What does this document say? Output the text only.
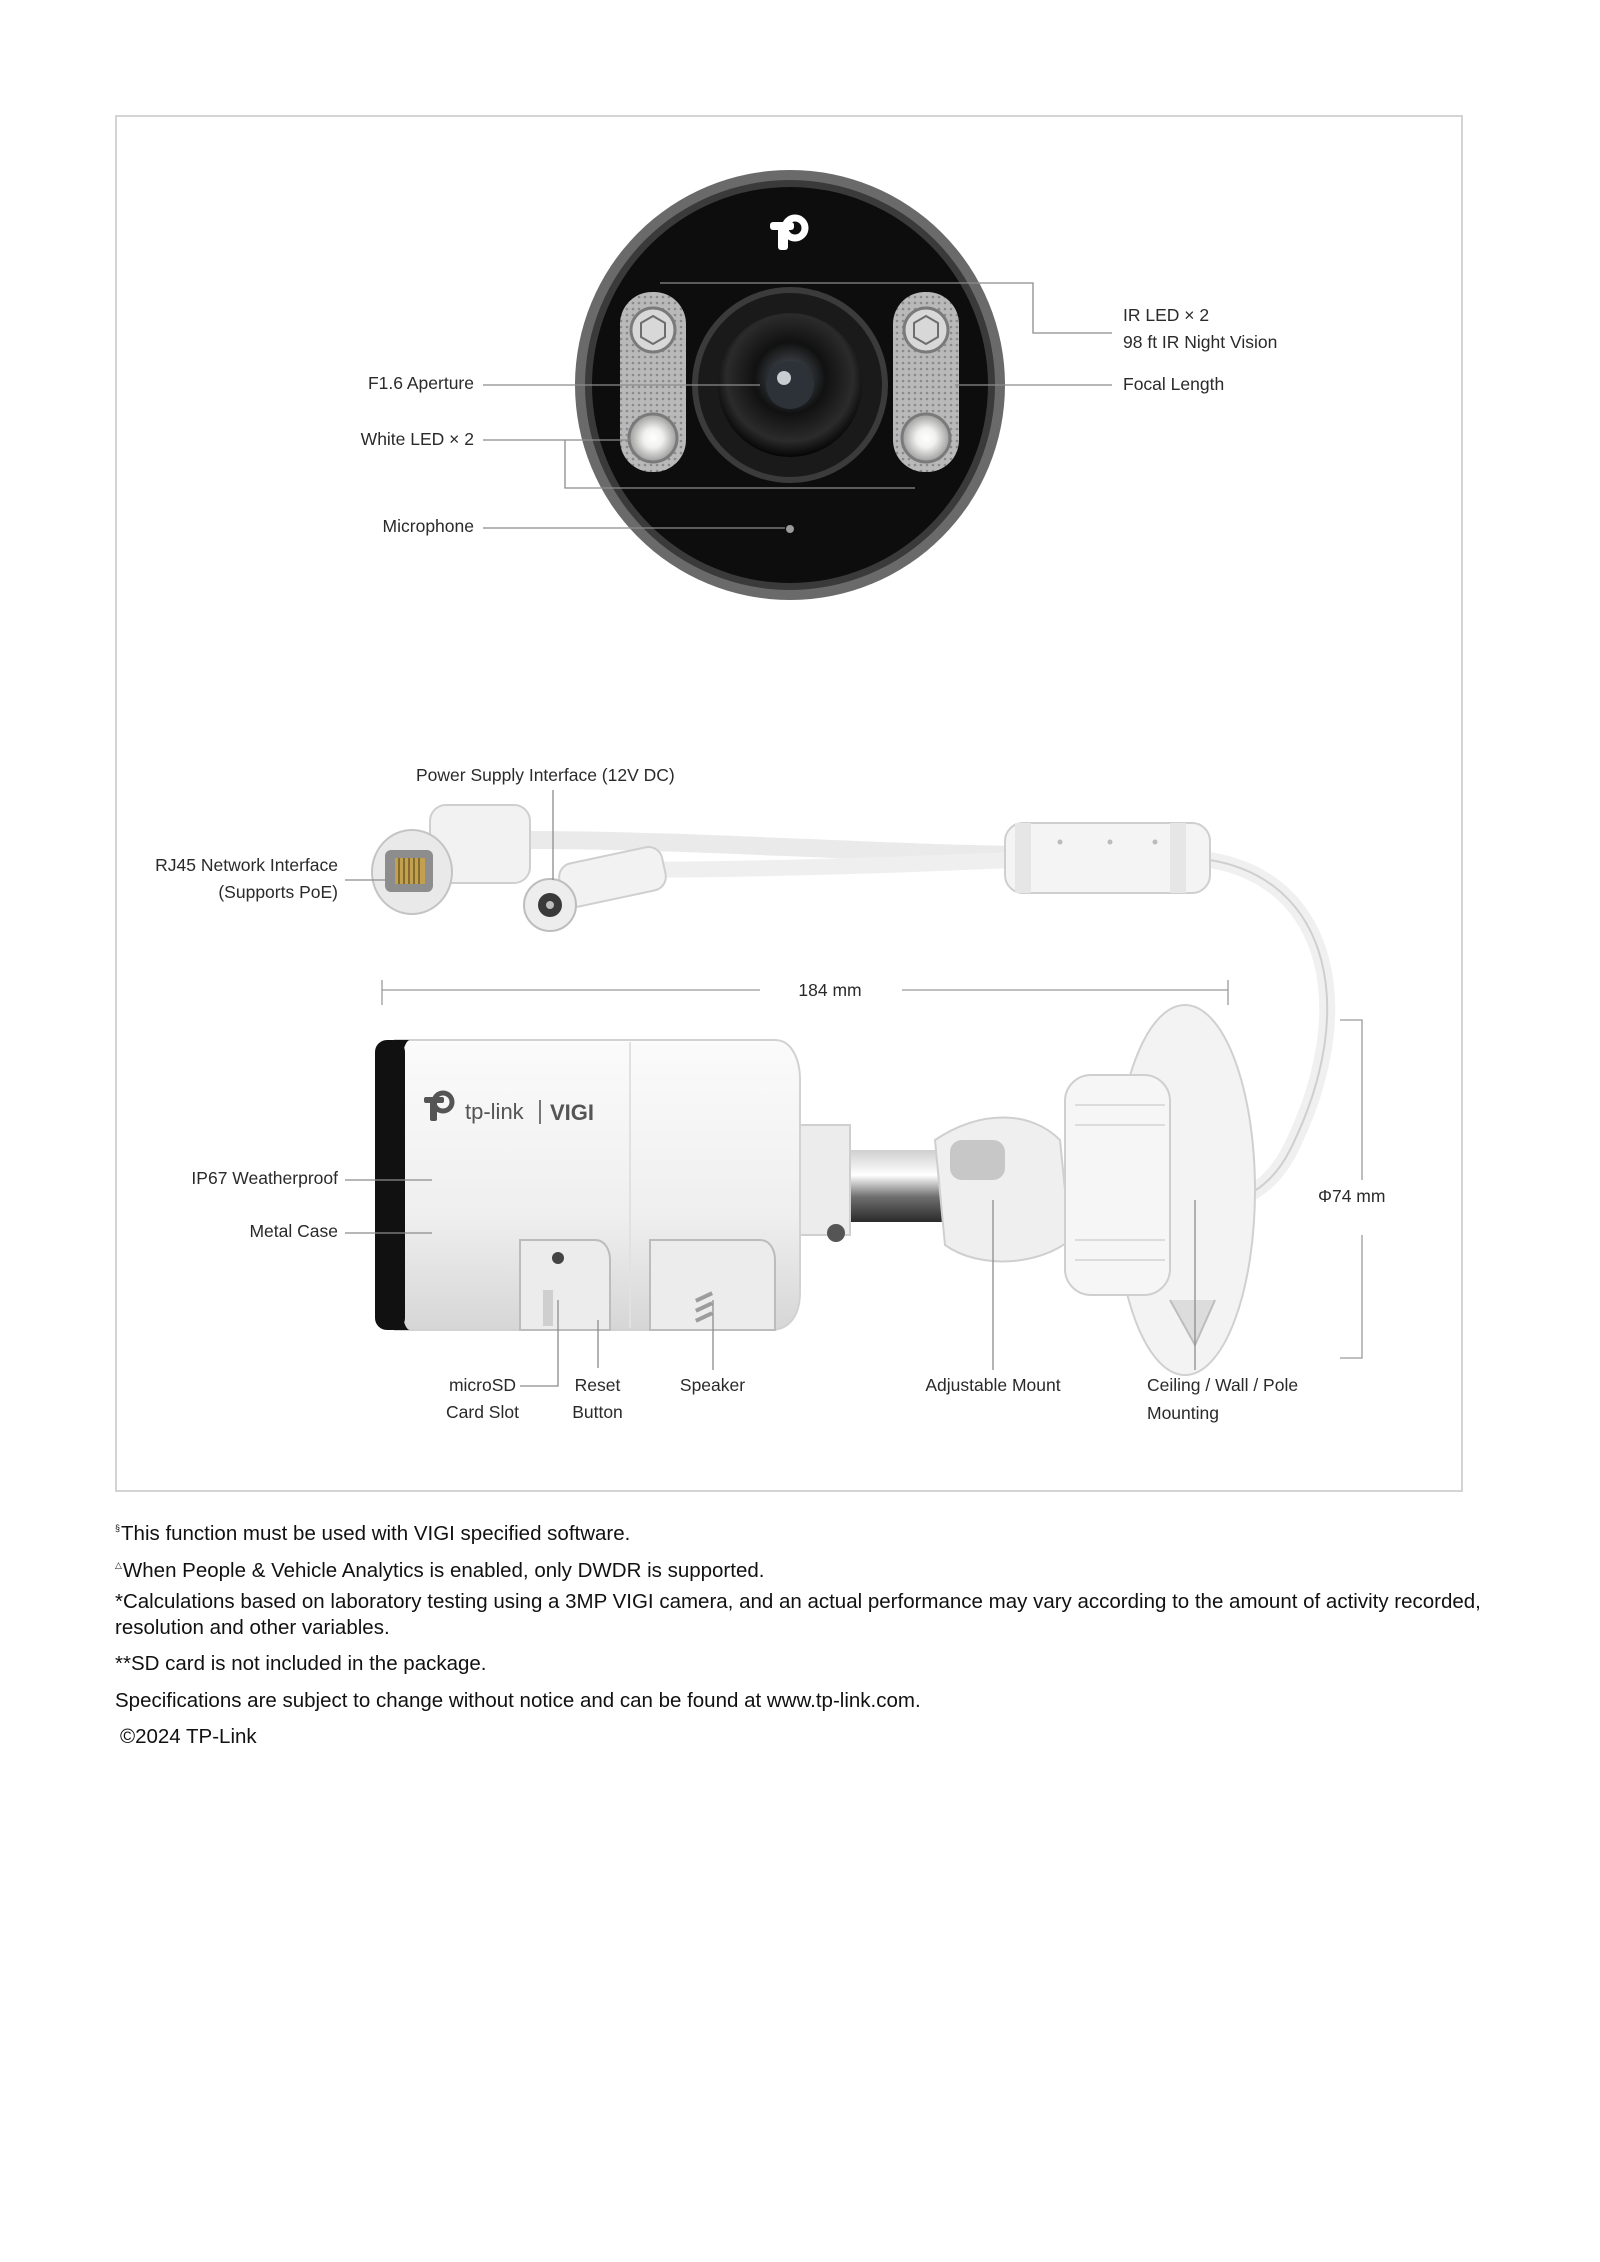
tp-link VIGI
F1.6 Aperture
White LED × 2
Microphone
IR LED × 2
98 ft IR Night Vision
Focal Length
Power Supply Interface (12V DC)
RJ45 Network Interface
(Supports PoE)
184 mm
IP67 Weatherproof
Metal Case
Φ74 mm
microSD
Card Slot
Reset
Button
Speaker	Adjustable Mount	Ceiling / Wall / Pole
Mounting
§This function must be used with VIGI specified software.
△When People & Vehicle Analytics is enabled, only DWDR is supported.
*Calculations based on laboratory testing using a 3MP VIGI camera, and an actual performance may vary according to the amount of activity recorded, resolution and other variables.
**SD card is not included in the package.
Specifications are subject to change without notice and can be found at www.tp-link.com.
©2024 TP-Link
